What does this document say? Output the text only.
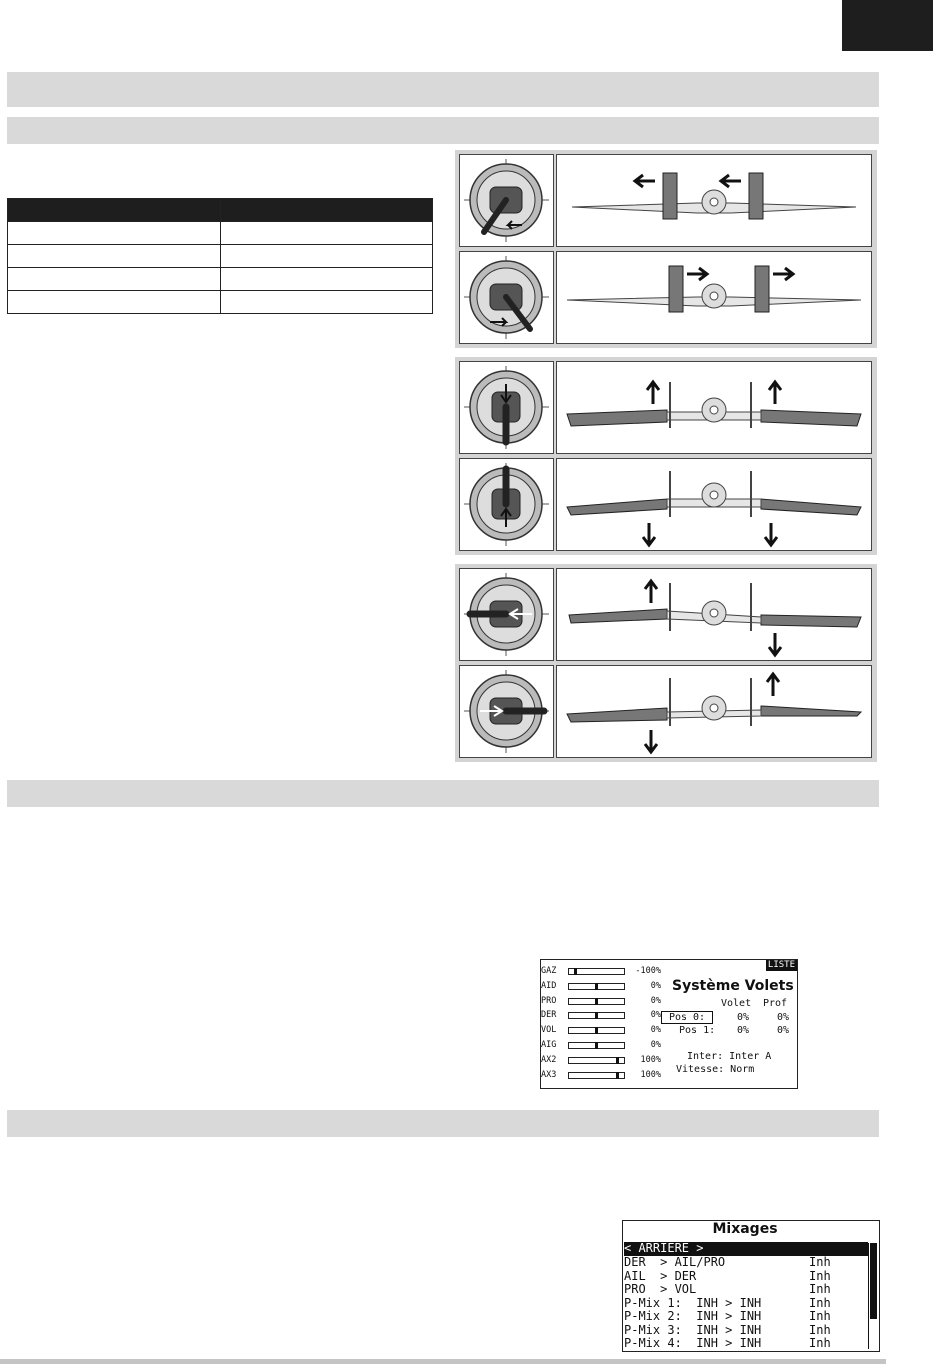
LISTE
GAZ	-100%
AID	0%
PRO	0%
DER	0%
VOL	0%
AIG	0%
AX2	100%
AX3	100%
Système Volets
Volet Prof
Pos 0:	0%	0%
Pos 1: 0%	0%
Inter: Inter A
Vitesse: Norm
Mixages
< ARRIÈRE >
DER  > AIL/PRO	Inh
AIL  > DER	Inh
PRO  > VOL	Inh
P-Mix 1:  INH > INH	Inh
P-Mix 2:  INH > INH	Inh
P-Mix 3:  INH > INH	Inh
P-Mix 4:  INH > INH	Inh
